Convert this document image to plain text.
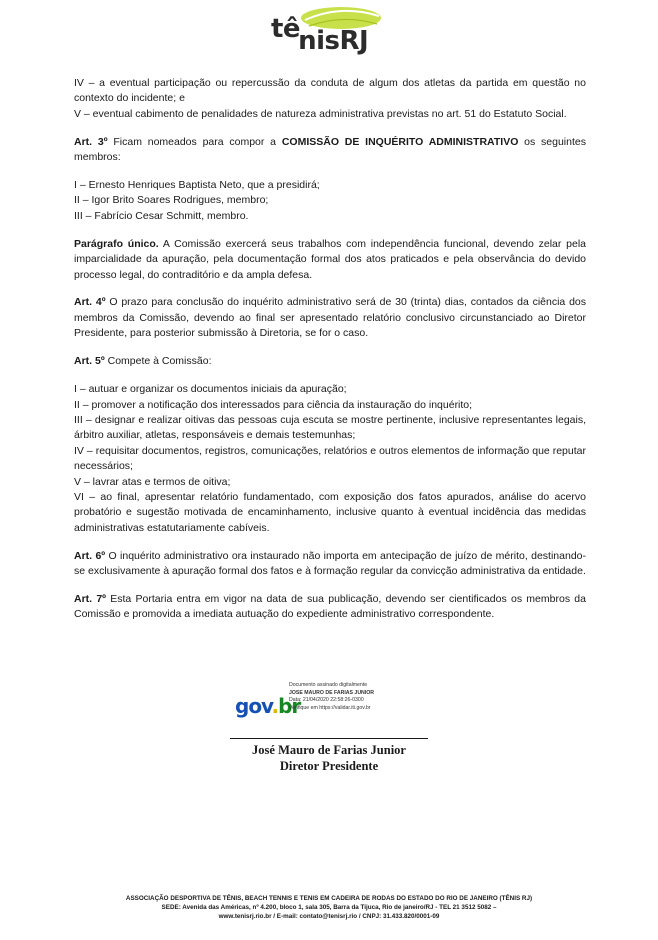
tênisRJ

IV – a eventual participação ou repercussão da conduta de algum dos atletas da partida em questão no contexto do incidente; e

V – eventual cabimento de penalidades de natureza administrativa previstas no art. 51 do Estatuto Social.

Art. 3º Ficam nomeados para compor a COMISSÃO DE INQUÉRITO ADMINISTRATIVO os seguintes membros:

I – Ernesto Henriques Baptista Neto, que a presidirá;

II – Igor Brito Soares Rodrigues, membro;

III – Fabrício Cesar Schmitt, membro.

Parágrafo único. A Comissão exercerá seus trabalhos com independência funcional, devendo zelar pela imparcialidade da apuração, pela documentação formal dos atos praticados e pela observância do devido processo legal, do contraditório e da ampla defesa.

Art. 4º O prazo para conclusão do inquérito administrativo será de 30 (trinta) dias, contados da ciência dos membros da Comissão, devendo ao final ser apresentado relatório conclusivo circunstanciado ao Diretor Presidente, para posterior submissão à Diretoria, se for o caso.

Art. 5º Compete à Comissão:

I – autuar e organizar os documentos iniciais da apuração;

II – promover a notificação dos interessados para ciência da instauração do inquérito;

III – designar e realizar oitivas das pessoas cuja escuta se mostre pertinente, inclusive representantes legais, árbitro auxiliar, atletas, responsáveis e demais testemunhas;

IV – requisitar documentos, registros, comunicações, relatórios e outros elementos de informação que reputar necessários;

V – lavrar atas e termos de oitiva;

VI – ao final, apresentar relatório fundamentado, com exposição dos fatos apurados, análise do acervo probatório e sugestão motivada de encaminhamento, inclusive quanto à eventual incidência das medidas administrativas estatutariamente cabíveis.

Art. 6º O inquérito administrativo ora instaurado não importa em antecipação de juízo de mérito, destinando-se exclusivamente à apuração formal dos fatos e à formação regular da convicção administrativa da entidade.

Art. 7º Esta Portaria entra em vigor na data de sua publicação, devendo ser cientificados os membros da Comissão e promovida a imediata autuação do expediente administrativo correspondente.

gov.br
Documento assinado digitalmente
JOSE MAURO DE FARIAS JUNIOR
Data: 21/04/2020 22:58:26-0300
Verifique em https://validar.iti.gov.br
José Mauro de Farias Junior
Diretor Presidente
ASSOCIAÇÃO DESPORTIVA DE TÊNIS, BEACH TENNIS E TENIS EM CADEIRA DE RODAS DO ESTADO DO RIO DE JANEIRO (TÊNIS RJ)
SEDE: Avenida das Américas, nº 4.200, bloco 1, sala 305, Barra da Tijuca, Rio de janeiro/RJ - TEL 21 3512 5082 –
www.tenisrj.rio.br / E-mail: contato@tenisrj.rio / CNPJ: 31.433.820/0001-09
